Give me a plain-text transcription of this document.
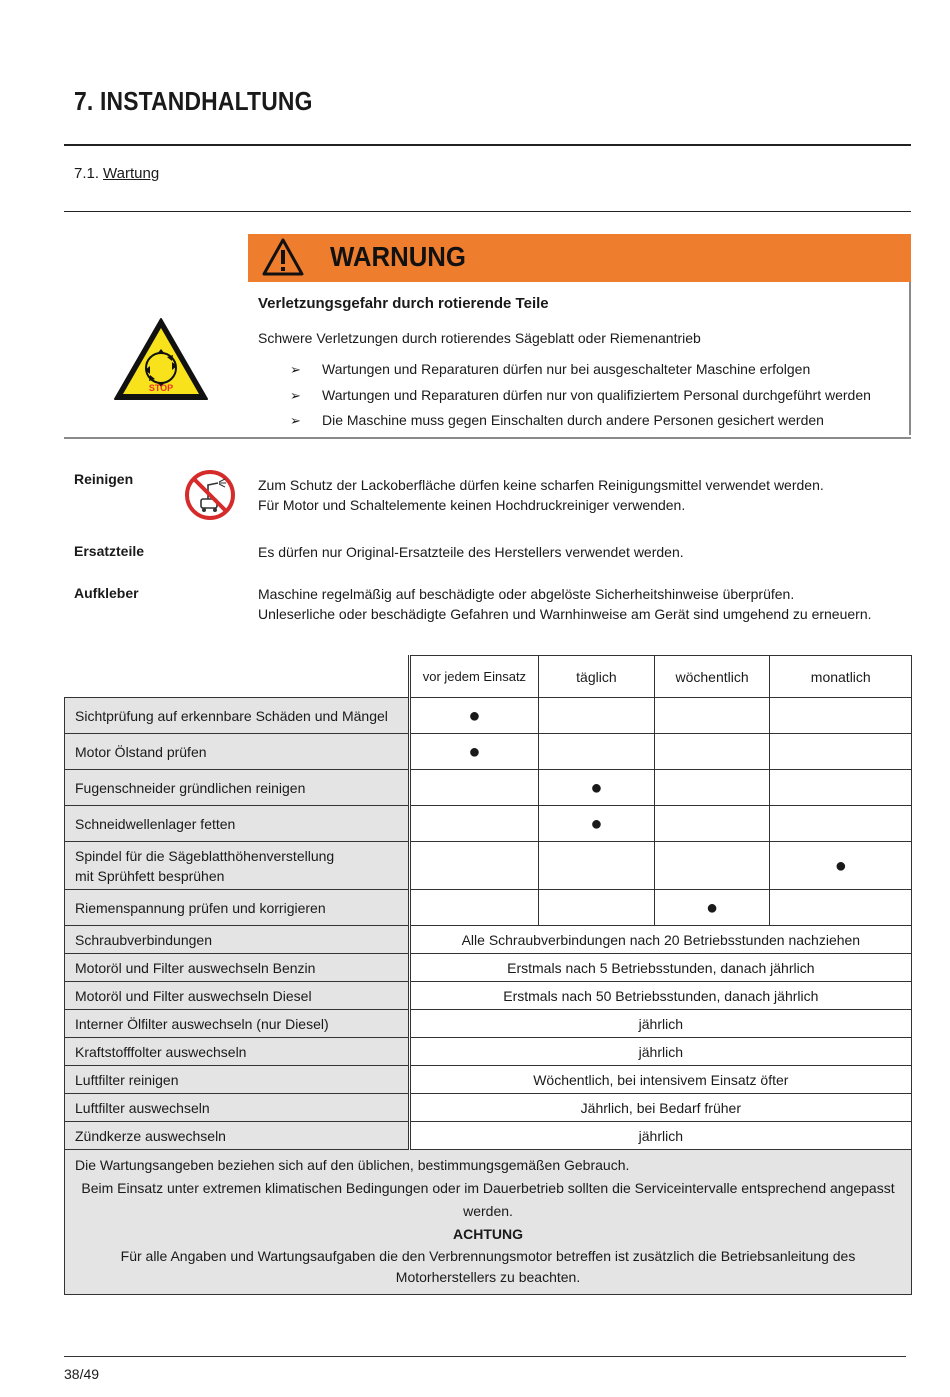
7. INSTANDHALTUNG
7.1. Wartung
WARNUNG
STOP
Verletzungsgefahr durch rotierende Teile
Schwere Verletzungen durch rotierendes Sägeblatt oder Riemenantrieb
➢ Wartungen und Reparaturen dürfen nur bei ausgeschalteter Maschine erfolgen
➢ Wartungen und Reparaturen dürfen nur von qualifiziertem Personal durchgeführt werden
➢ Die Maschine muss gegen Einschalten durch andere Personen gesichert werden
Reinigen	Zum Schutz der Lackoberfläche dürfen keine scharfen Reinigungsmittel verwendet werden.
Für Motor und Schaltelemente keinen Hochdruckreiniger verwenden.
Ersatzteile	Es dürfen nur Original-Ersatzteile des Herstellers verwendet werden.
Aufkleber	Maschine regelmäßig auf beschädigte oder abgelöste Sicherheitshinweise überprüfen.
Unleserliche oder beschädigte Gefahren und Warnhinweise am Gerät sind umgehend zu erneuern.
	vor jedem Einsatz	täglich	wöchentlich	monatlich
Sichtprüfung auf erkennbare Schäden und Mängel	●			
Motor Ölstand prüfen	●			
Fugenschneider gründlichen reinigen		●		
Schneidwellenlager fetten		●		

Spindel für die Sägeblatthöhenverstellung
mit Sprühfett besprühen				●
Riemenspannung prüfen und korrigieren			●	
Schraubverbindungen	Alle Schraubverbindungen nach 20 Betriebsstunden nachziehen			
Motoröl und Filter auswechseln Benzin	Erstmals nach 5 Betriebsstunden, danach jährlich			
Motoröl und Filter auswechseln Diesel	Erstmals nach 50 Betriebsstunden, danach jährlich			
Interner Ölfilter auswechseln (nur Diesel)	jährlich			
Kraftstofffolter auswechseln	jährlich			
Luftfilter reinigen	Wöchentlich, bei intensivem Einsatz öfter			
Luftfilter auswechseln	Jährlich, bei Bedarf früher			
Zündkerze auswechseln	jährlich			

Die Wartungsangeben beziehen sich auf den üblichen, bestimmungsgemäßen Gebrauch.
Beim Einsatz unter extremen klimatischen Bedingungen oder im Dauerbetrieb sollten die Serviceintervalle entsprechend angepasst werden.
ACHTUNG
Für alle Angaben und Wartungsaufgaben die den Verbrennungsmotor betreffen ist zusätzlich die Betriebsanleitung des Motorherstellers zu beachten.				
38/49
